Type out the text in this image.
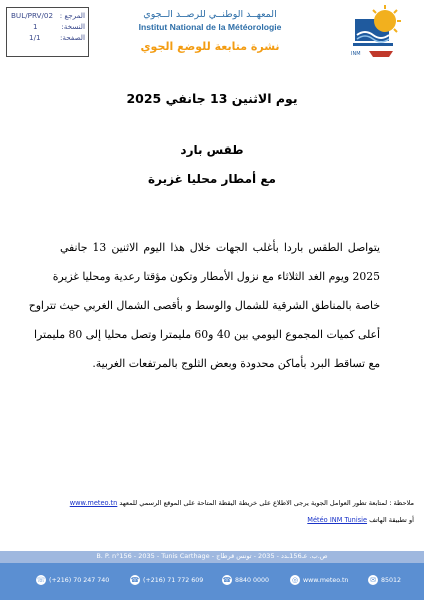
المرجع :
BUL/PRV/02
النسخة:
1
الصفحة:
1/1
المعهــد الوطنــي للرصــد الــجوي
Institut National de la Météorologie
نشرة متابعة للوضع الجوي
INM
يوم الاثنين 13 جانفي 2025
طقس بارد
مع أمطار محليا غزيرة
يتواصل الطقس باردا بأغلب الجهات خلال هذا اليوم الاثنين 13 جانفي
2025 ويوم الغد الثلاثاء مع نزول الأمطار وتكون مؤقتا رعدية ومحليا غزيرة
خاصة بالمناطق الشرقية للشمال والوسط و بأقصى الشمال الغربي حيث تتراوح
أعلى كميات المجموع اليومي بين 40 و60 مليمترا وتصل محليا إلى 80 مليمترا
مع تساقط البرد بأماكن محدودة وبعض الثلوج بالمرتفعات الغربية.
ملاحظة : لمتابعة تطور العوامل الجوية يرجى الاطلاع على خريطة اليقظة المتاحة على الموقع الرسمي للمعهد www.meteo.tn
أو تطبيقة الهاتف Météo INM Tunisie
B. P. n°156 - 2035 - Tunis Carthage - ص.ب. عـ156ـدد - 2035 - تونس قرطاج
☏ (+216) 70 247 740	☎ (+216) 71 772 609	☎ 8840 0000	◎ www.meteo.tn	✉ 85012
